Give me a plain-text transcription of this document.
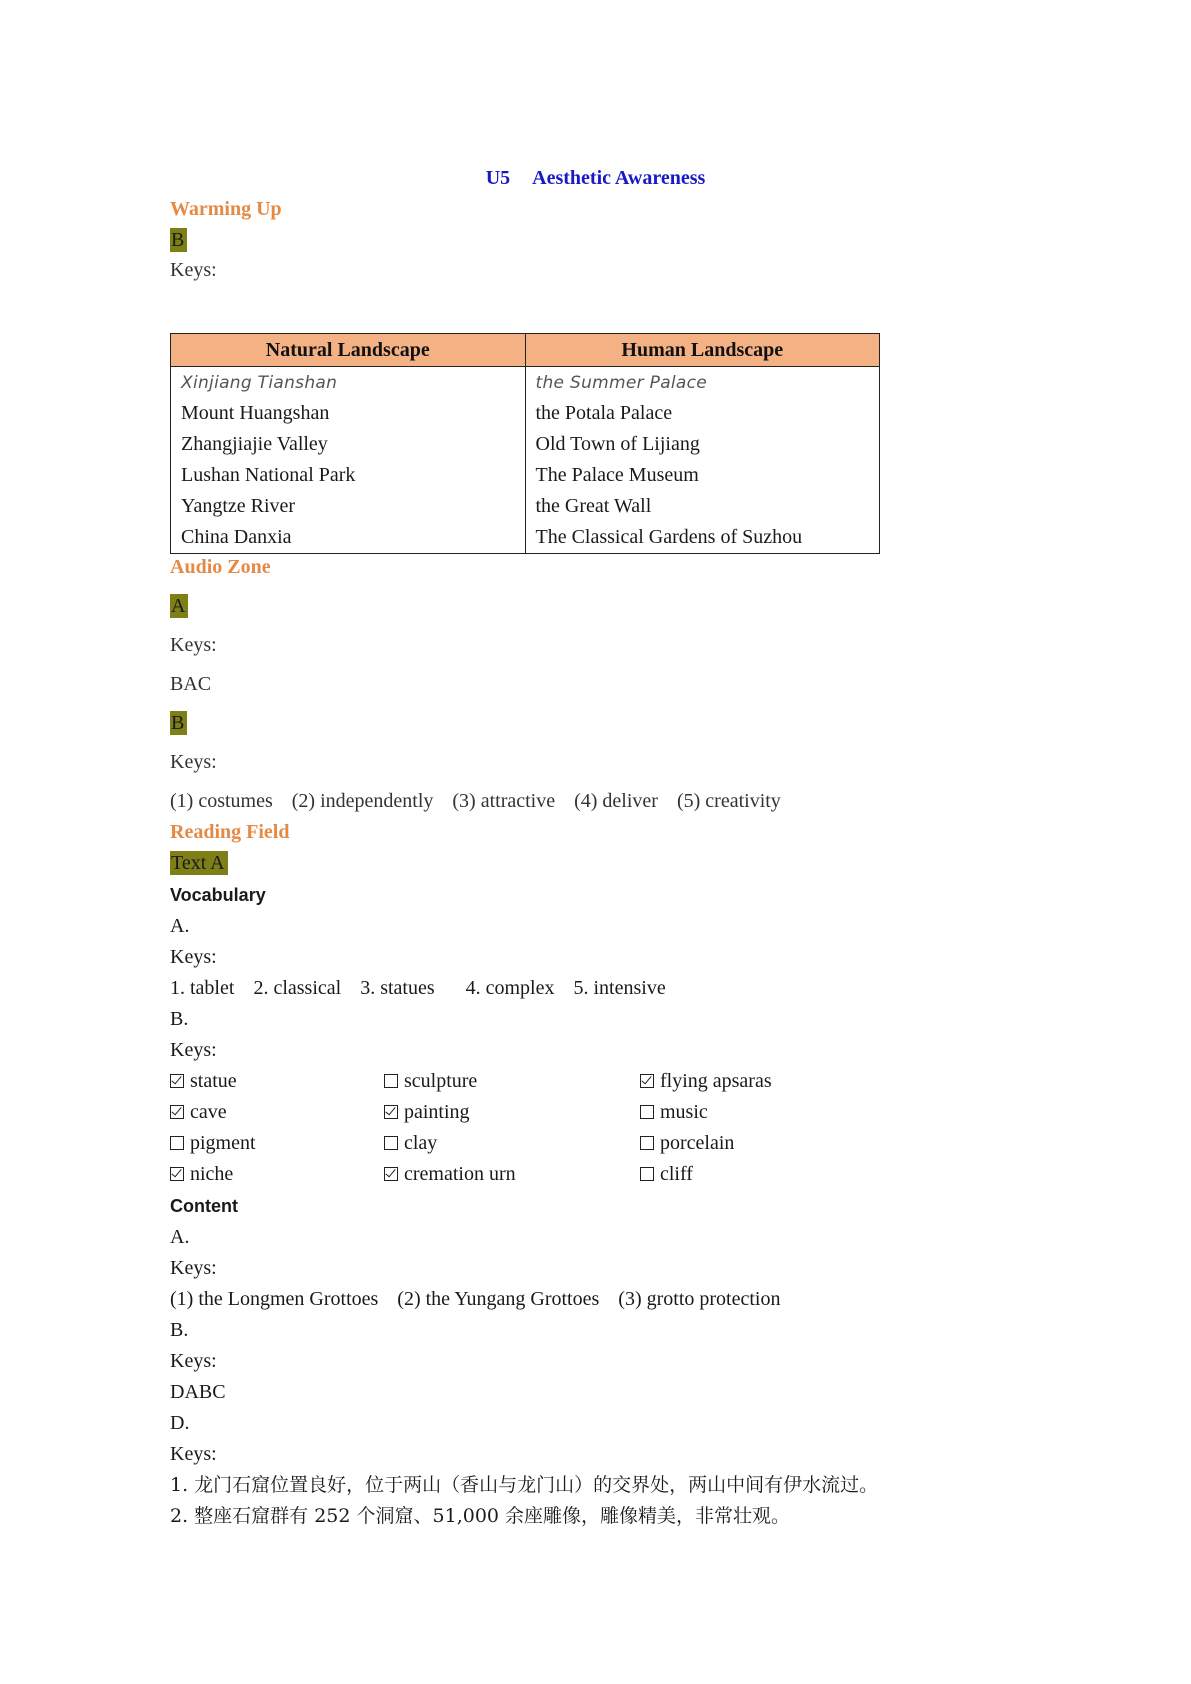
U5 Aesthetic Awareness
Warming Up
B
Keys:
Natural Landscape	Human Landscape
Xinjiang Tianshan	the Summer Palace
Mount Huangshan	the Potala Palace
Zhangjiajie Valley	Old Town of Lijiang
Lushan National Park	The Palace Museum
Yangtze River	the Great Wall
China Danxia	The Classical Gardens of Suzhou
Audio Zone
A
Keys:
BAC
B
Keys:
(1) costumes (2) independently (3) attractive (4) deliver (5) creativity
Reading Field
Text A
Vocabulary
A.
Keys:
1. tablet 2. classical 3. statues 4. complex 5. intensive
B.
Keys:
statue	sculpture	flying apsaras
cave	painting	music
pigment	clay	porcelain
niche	cremation urn	cliff
Content
A.
Keys:
(1) the Longmen Grottoes (2) the Yungang Grottoes (3) grotto protection
B.
Keys:
DABC
D.
Keys:
1. 龙门石窟位置良好，位于两山（香山与龙门山）的交界处，两山中间有伊水流过。
2. 整座石窟群有 252 个洞窟、51,000 余座雕像，雕像精美，非常壮观。
